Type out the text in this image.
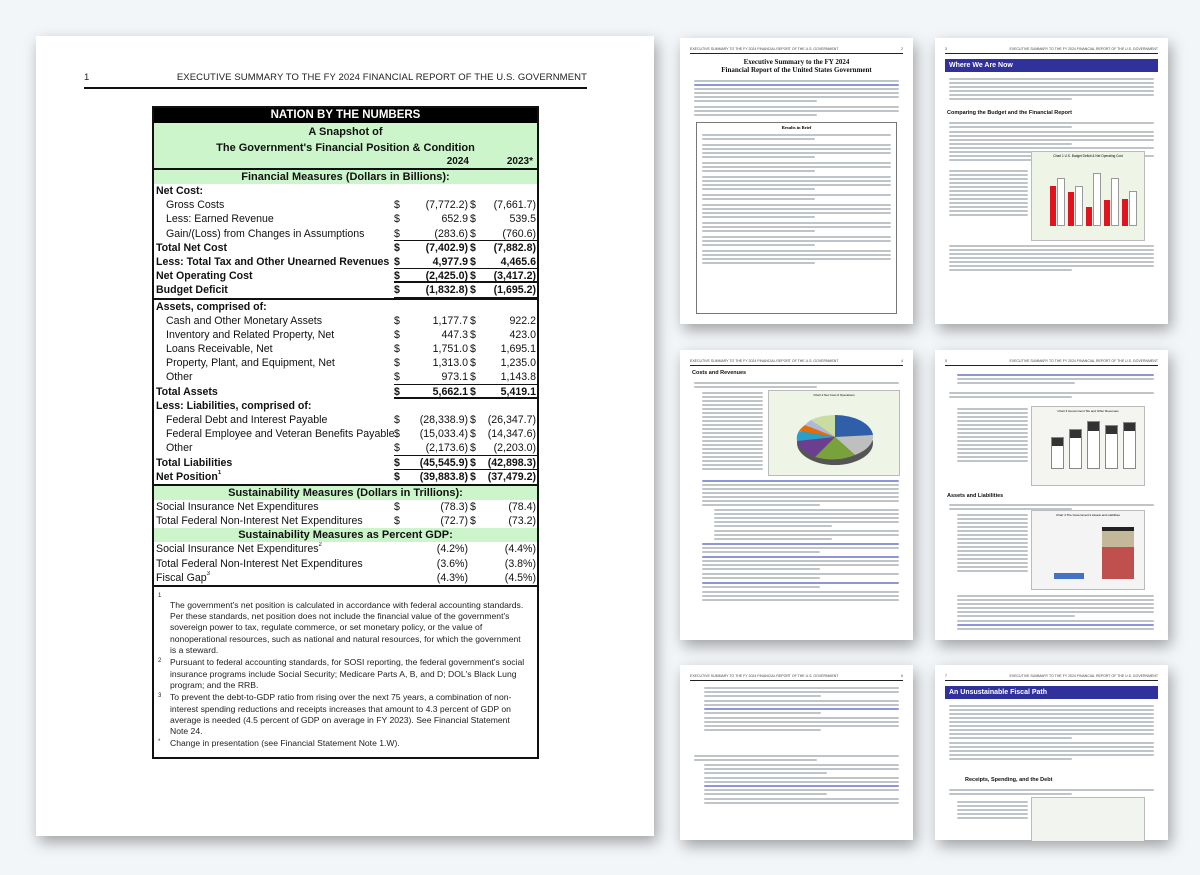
1	EXECUTIVE SUMMARY TO THE FY 2024 FINANCIAL REPORT OF THE U.S. GOVERNMENT
NATION BY THE NUMBERS
A Snapshot of
The Government's Financial Position & Condition
2024	2023*
Financial Measures (Dollars in Billions):
Net Cost:
Gross Costs	$	(7,772.2) $	(7,661.7)
Less: Earned Revenue	$	652.9 $	539.5
Gain/(Loss) from Changes in Assumptions	$	(283.6) $	(760.6)
Total Net Cost	$	(7,402.9) $	(7,882.8)
Less: Total Tax and Other Unearned Revenues $	4,977.9 $	4,465.6
Net Operating Cost	$	(2,425.0) $	(3,417.2)
Budget Deficit	$	(1,832.8) $	(1,695.2)
Assets, comprised of:
Cash and Other Monetary Assets	$	1,177.7 $	922.2
Inventory and Related Property, Net	$	447.3 $	423.0
Loans Receivable, Net	$	1,751.0 $	1,695.1
Property, Plant, and Equipment, Net	$	1,313.0 $	1,235.0
Other	$	973.1 $	1,143.8
Total Assets	$	5,662.1 $	5,419.1
Less: Liabilities, comprised of:
Federal Debt and Interest Payable	$	(28,338.9) $	(26,347.7)
Federal Employee and Veteran Benefits Payable $	(15,033.4) $	(14,347.6)
Other	$	(2,173.6) $	(2,203.0)
Total Liabilities	$	(45,545.9) $	(42,898.3)
Net Position$^1$	$	(39,883.8) $	(37,479.2)
Sustainability Measures (Dollars in Trillions):
Social Insurance Net Expenditures	$	(78.3) $	(78.4)
Total Federal Non-Interest Net Expenditures	$	(72.7) $	(73.2)
Sustainability Measures as Percent GDP:
Social Insurance Net Expenditures$^2$	(4.2%)	(4.4%)
Total Federal Non-Interest Net Expenditures	(3.6%)	(3.8%)
Fiscal Gap$^3$	(4.3%)	(4.5%)
1
The government's net position is calculated in accordance with federal accounting standards. Per these standards, net position does not include the financial value of the government's sovereign power to tax, regulate commerce, or set monetary policy, or the value of nonoperational resources, such as national and natural resources, for which the government is a steward.
2	Pursuant to federal accounting standards, for SOSI reporting, the federal government's social insurance programs include Social Security; Medicare Parts A, B, and D; DOL's Black Lung program; and the RRB.
3	To prevent the debt-to-GDP ratio from rising over the next 75 years, a combination of non-interest spending reductions and receipts increases that amount to 4.3 percent of GDP on average is needed (4.5 percent of GDP on average in FY 2023). See Financial Statement Note 24.
*	Change in presentation (see Financial Statement Note 1.W).
EXECUTIVE SUMMARY TO THE FY 2024 FINANCIAL REPORT OF THE U.S. GOVERNMENT	2
Executive Summary to the FY 2024
Financial Report of the United States Government
Results in Brief
3	EXECUTIVE SUMMARY TO THE FY 2024 FINANCIAL REPORT OF THE U.S. GOVERNMENT
Where We Are Now
Comparing the Budget and the Financial Report
Chart 1 U.S. Budget Deficit & Net Operating Cost
EXECUTIVE SUMMARY TO THE FY 2024 FINANCIAL REPORT OF THE U.S. GOVERNMENT	4
Costs and Revenues
Chart 2 Net Cost of Operations
5	EXECUTIVE SUMMARY TO THE FY 2024 FINANCIAL REPORT OF THE U.S. GOVERNMENT
Chart 3 Government Tax and Other Revenues
Assets and Liabilities
Chart 4 The Government's Assets and Liabilities
EXECUTIVE SUMMARY TO THE FY 2024 FINANCIAL REPORT OF THE U.S. GOVERNMENT	6	7	EXECUTIVE SUMMARY TO THE FY 2024 FINANCIAL REPORT OF THE U.S. GOVERNMENT
An Unsustainable Fiscal Path
Receipts, Spending, and the Debt
